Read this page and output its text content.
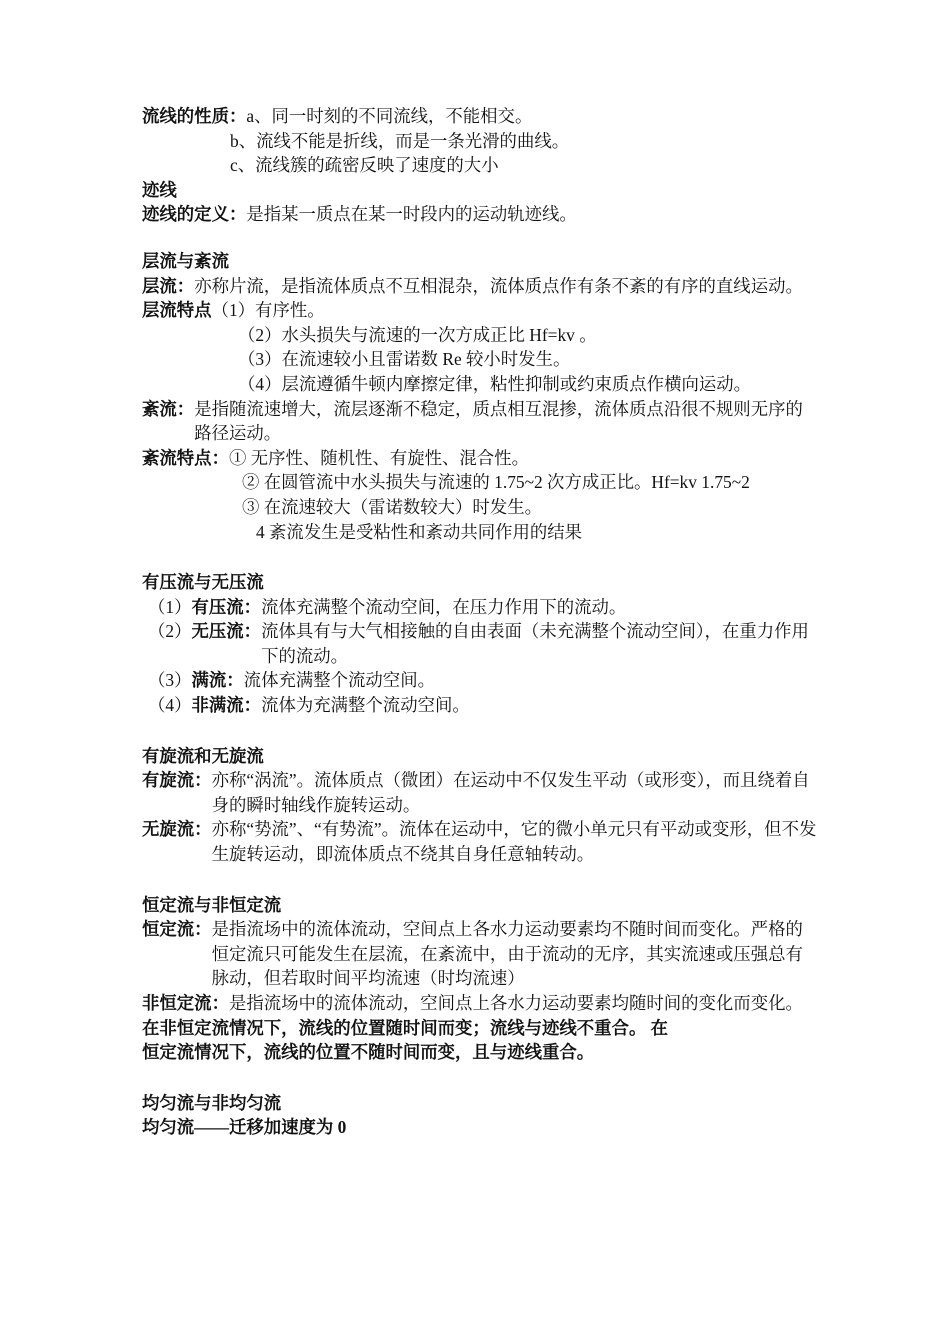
流线的性质： a、同一时刻的不同流线，不能相交。
b、流线不能是折线，而是一条光滑的曲线。
c、流线簇的疏密反映了速度的大小
迹线
迹线的定义： 是指某一质点在某一时段内的运动轨迹线。
层流与紊流
层流： 亦称片流，是指流体质点不互相混杂，流体质点作有条不紊的有序的直线运动。
层流特点 （1）有序性。
（2）水头损失与流速的一次方成正比 Hf=kv 。
（3）在流速较小且雷诺数 Re 较小时发生。
（4）层流遵循牛顿内摩擦定律，粘性抑制或约束质点作横向运动。
紊流： 是指随流速增大，流层逐渐不稳定，质点相互混掺，流体质点沿很不规则无序的路径运动。
紊流特点： ① 无序性、随机性、有旋性、混合性。
② 在圆管流中水头损失与流速的 1.75~2 次方成正比。Hf=kv 1.75~2
③ 在流速较大（雷诺数较大）时发生。
4 紊流发生是受粘性和紊动共同作用的结果
有压流与无压流
（1） 有压流： 流体充满整个流动空间，在压力作用下的流动。
（2） 无压流： 流体具有与大气相接触的自由表面（未充满整个流动空间），在重力作用下的流动。
（3） 满流： 流体充满整个流动空间。
（4） 非满流： 流体为充满整个流动空间。
有旋流和无旋流
有旋流： 亦称“涡流”。流体质点（微团）在运动中不仅发生平动（或形变），而且绕着自身的瞬时轴线作旋转运动。
无旋流： 亦称“势流”、“有势流”。流体在运动中，它的微小单元只有平动或变形，但不发生旋转运动，即流体质点不绕其自身任意轴转动。
恒定流与非恒定流
恒定流： 是指流场中的流体流动，空间点上各水力运动要素均不随时间而变化。严格的恒定流只可能发生在层流，在紊流中，由于流动的无序，其实流速或压强总有脉动，但若取时间平均流速（时均流速）
非恒定流： 是指流场中的流体流动，空间点上各水力运动要素均随时间的变化而变化。
在非恒定流情况下，流线的位置随时间而变；流线与迹线不重合。 在
恒定流情况下，流线的位置不随时间而变，且与迹线重合。
均匀流与非均匀流
均匀流——迁移加速度为 0
